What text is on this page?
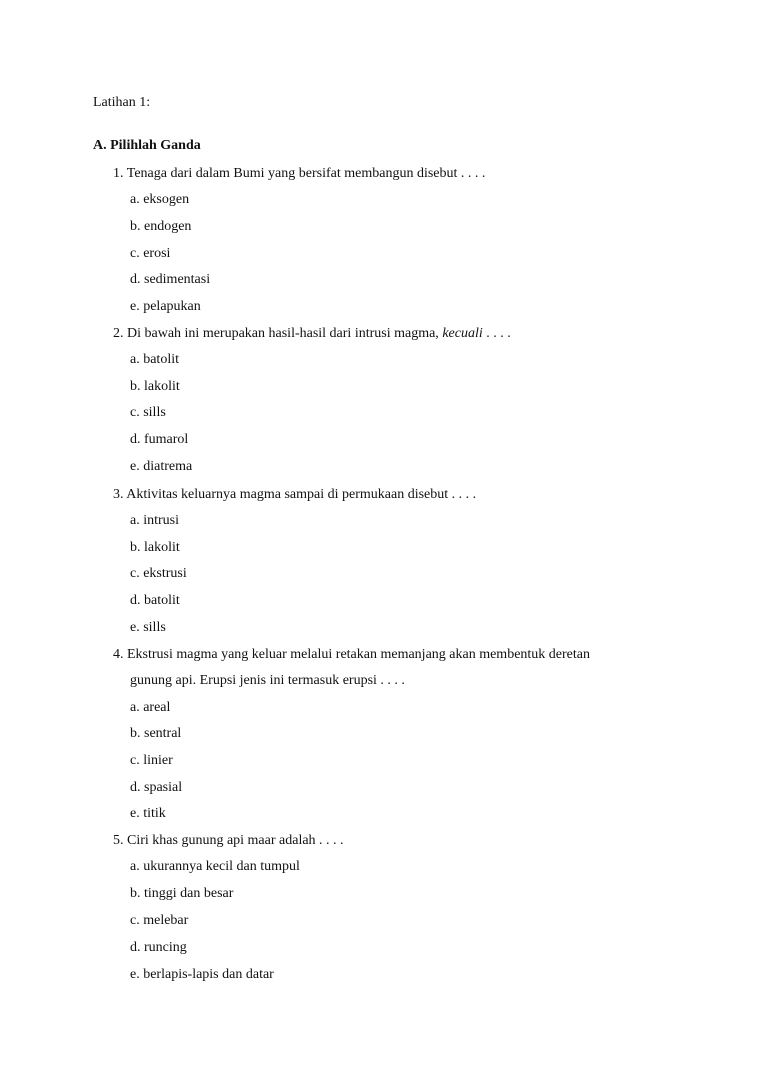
Latihan 1:
A. Pilihlah Ganda
1. Tenaga dari dalam Bumi yang bersifat membangun disebut . . . .
a. eksogen
b. endogen
c. erosi
d. sedimentasi
e. pelapukan
2. Di bawah ini merupakan hasil-hasil dari intrusi magma, kecuali . . . .
a. batolit
b. lakolit
c. sills
d. fumarol
e. diatrema
3. Aktivitas keluarnya magma sampai di permukaan disebut . . . .
a. intrusi
b. lakolit
c. ekstrusi
d. batolit
e. sills
4. Ekstrusi magma yang keluar melalui retakan memanjang akan membentuk deretan
gunung api. Erupsi jenis ini termasuk erupsi . . . .
a. areal
b. sentral
c. linier
d. spasial
e. titik
5. Ciri khas gunung api maar adalah . . . .
a. ukurannya kecil dan tumpul
b. tinggi dan besar
c. melebar
d. runcing
e. berlapis-lapis dan datar
